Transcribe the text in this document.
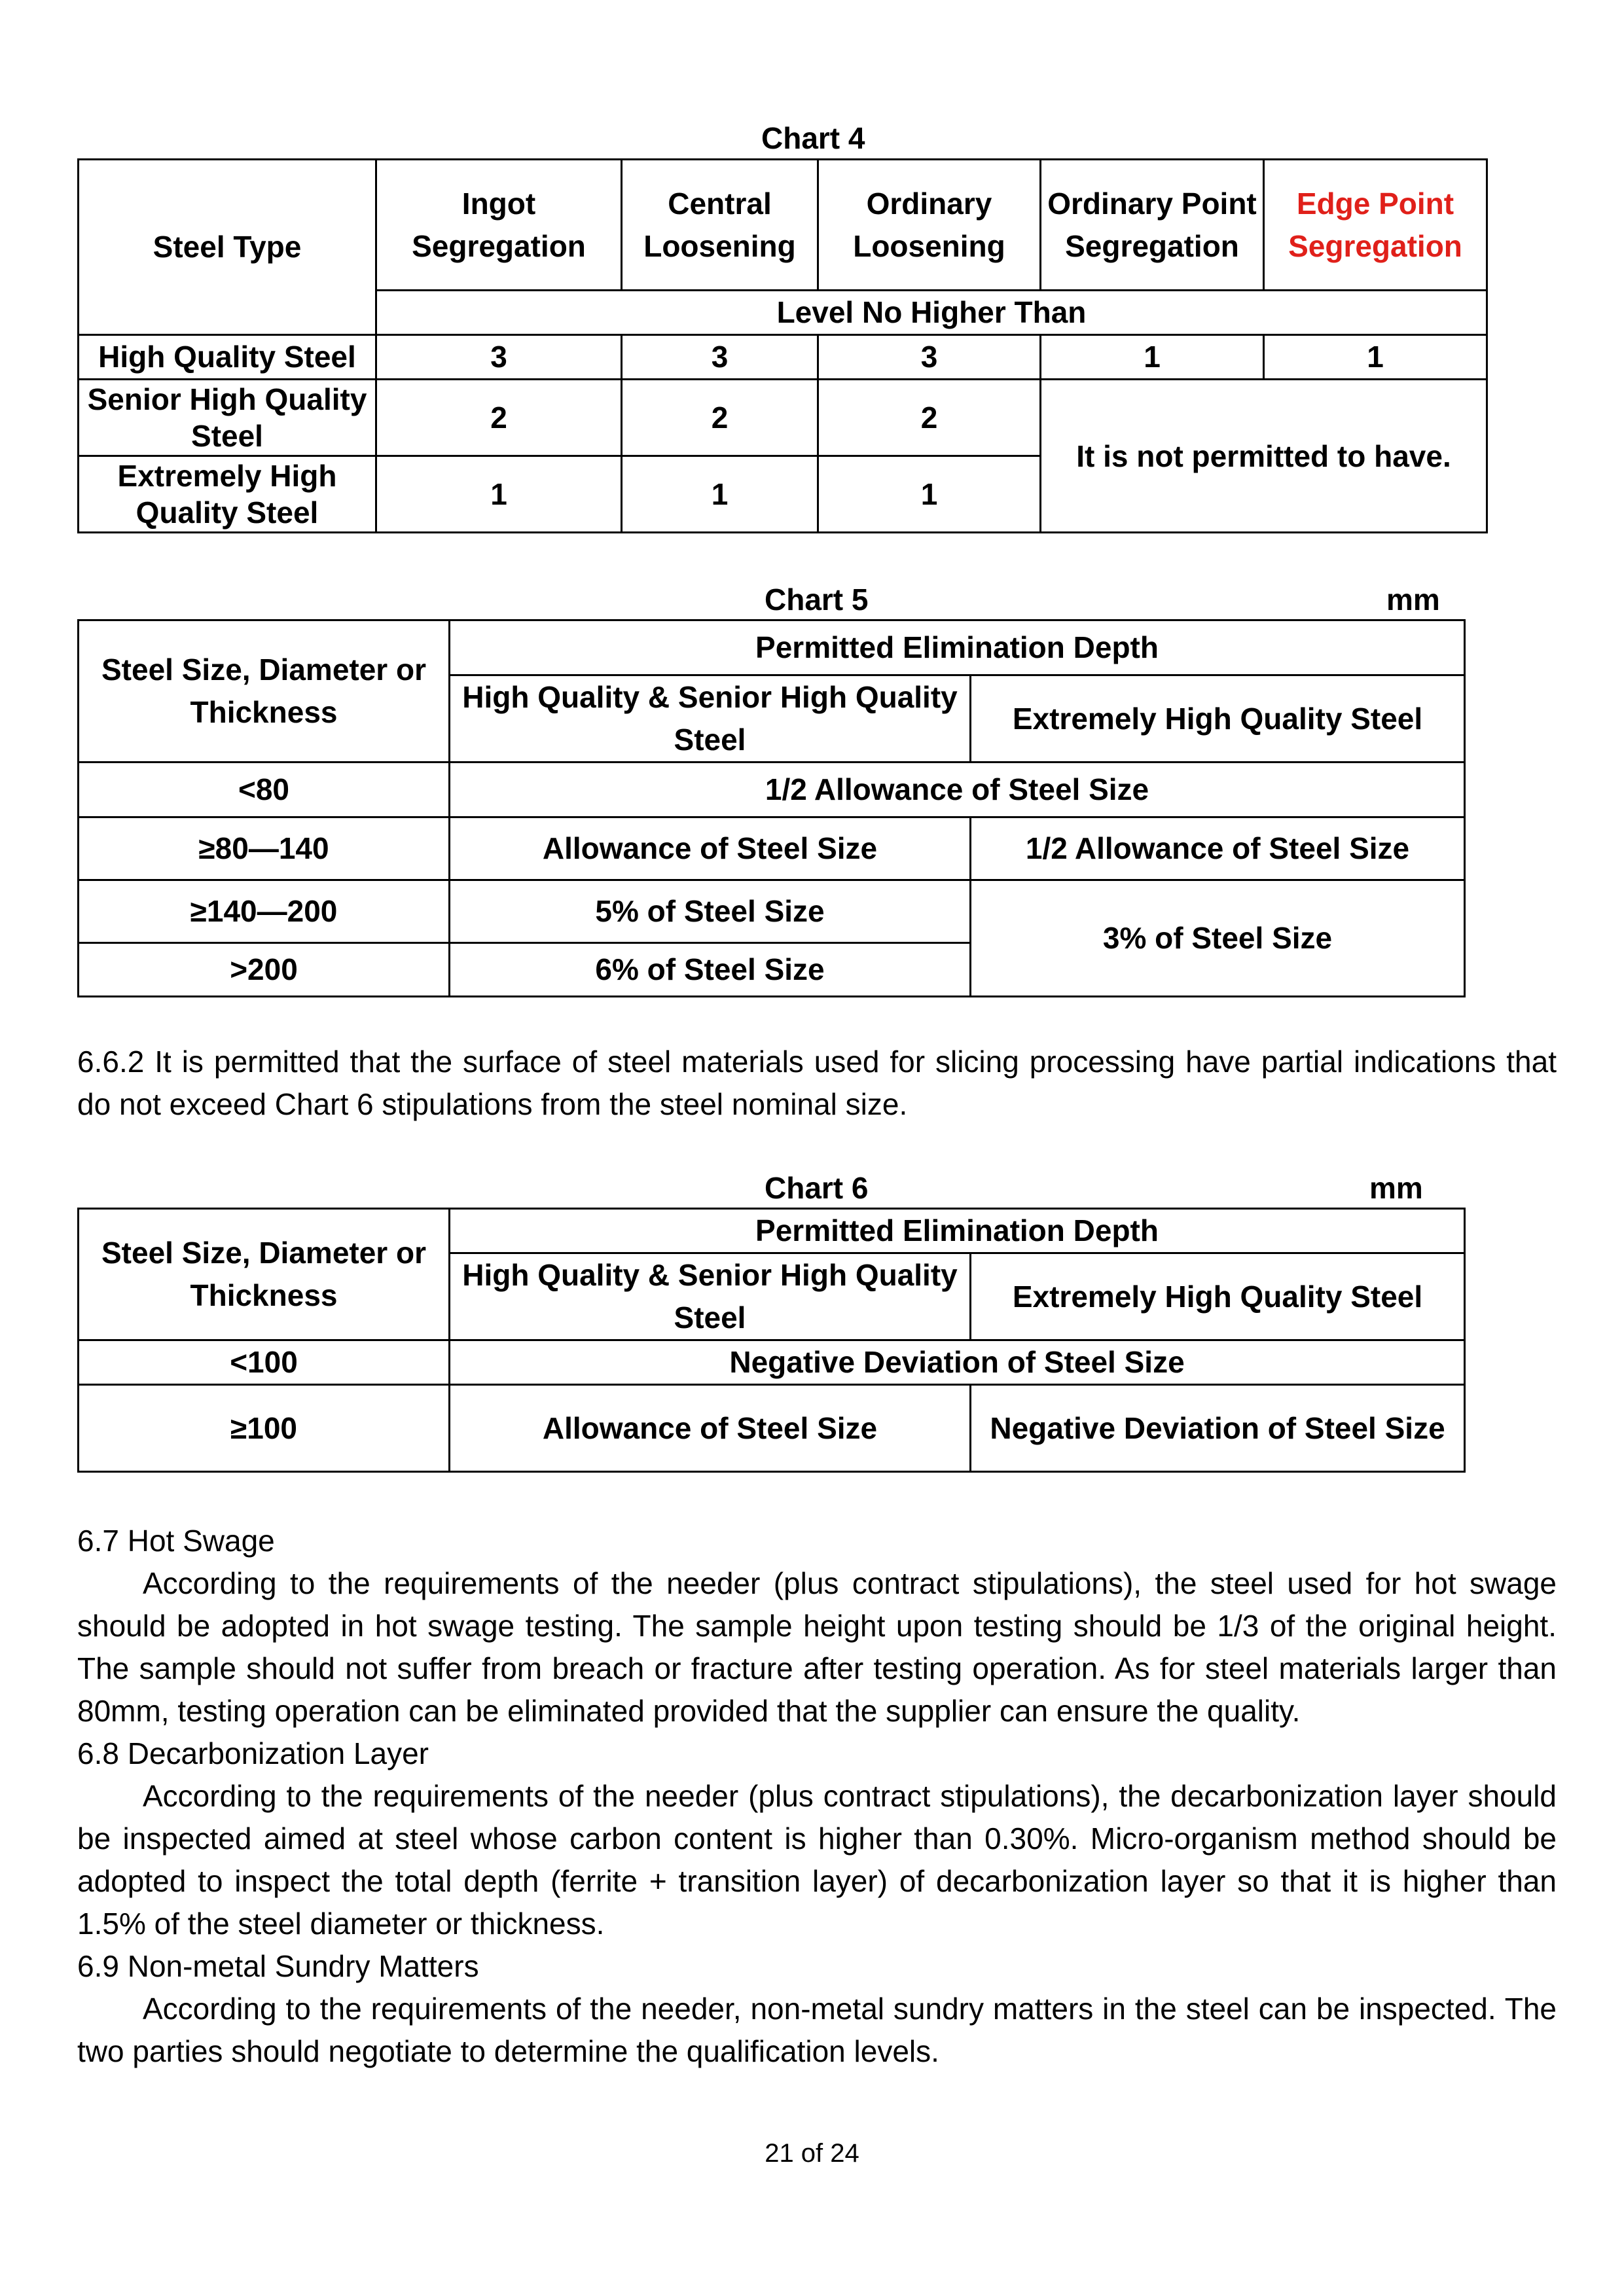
Chart 4
Steel Type	Ingot Segregation	Central Loosening	Ordinary Loosening	Ordinary Point Segregation	Edge Point Segregation
	Level No Higher Than				
High Quality Steel	3	3	3	1	1
Senior High Quality Steel	2	2	2	It is not permitted to have.	
Extremely High Quality Steel	1	1	1		
Chart 5	mm
Steel Size, Diameter or Thickness	Permitted Elimination Depth	
	High Quality & Senior High Quality Steel	Extremely High Quality Steel
<80	1/2 Allowance of Steel Size	
≥80—140	Allowance of Steel Size	1/2 Allowance of Steel Size
≥140—200	5% of Steel Size	3% of Steel Size
>200	6% of Steel Size	

6.6.2 It is permitted that the surface of steel materials used for slicing processing have partial indications that do not exceed Chart 6 stipulations from the steel nominal size.

Chart 6	mm
Steel Size, Diameter or Thickness	Permitted Elimination Depth	
	High Quality & Senior High Quality Steel	Extremely High Quality Steel
<100	Negative Deviation of Steel Size	
≥100	Allowance of Steel Size	Negative Deviation of Steel Size

6.7 Hot Swage

According to the requirements of the needer (plus contract stipulations), the steel used for hot swage should be adopted in hot swage testing. The sample height upon testing should be 1/3 of the original height. The sample should not suffer from breach or fracture after testing operation. As for steel materials larger than 80mm, testing operation can be eliminated provided that the supplier can ensure the quality.

6.8 Decarbonization Layer

According to the requirements of the needer (plus contract stipulations), the decarbonization layer should be inspected aimed at steel whose carbon content is higher than 0.30%. Micro-organism method should be adopted to inspect the total depth (ferrite + transition layer) of decarbonization layer so that it is higher than 1.5% of the steel diameter or thickness.

6.9 Non-metal Sundry Matters

According to the requirements of the needer, non-metal sundry matters in the steel can be inspected. The two parties should negotiate to determine the qualification levels.

21 of 24
